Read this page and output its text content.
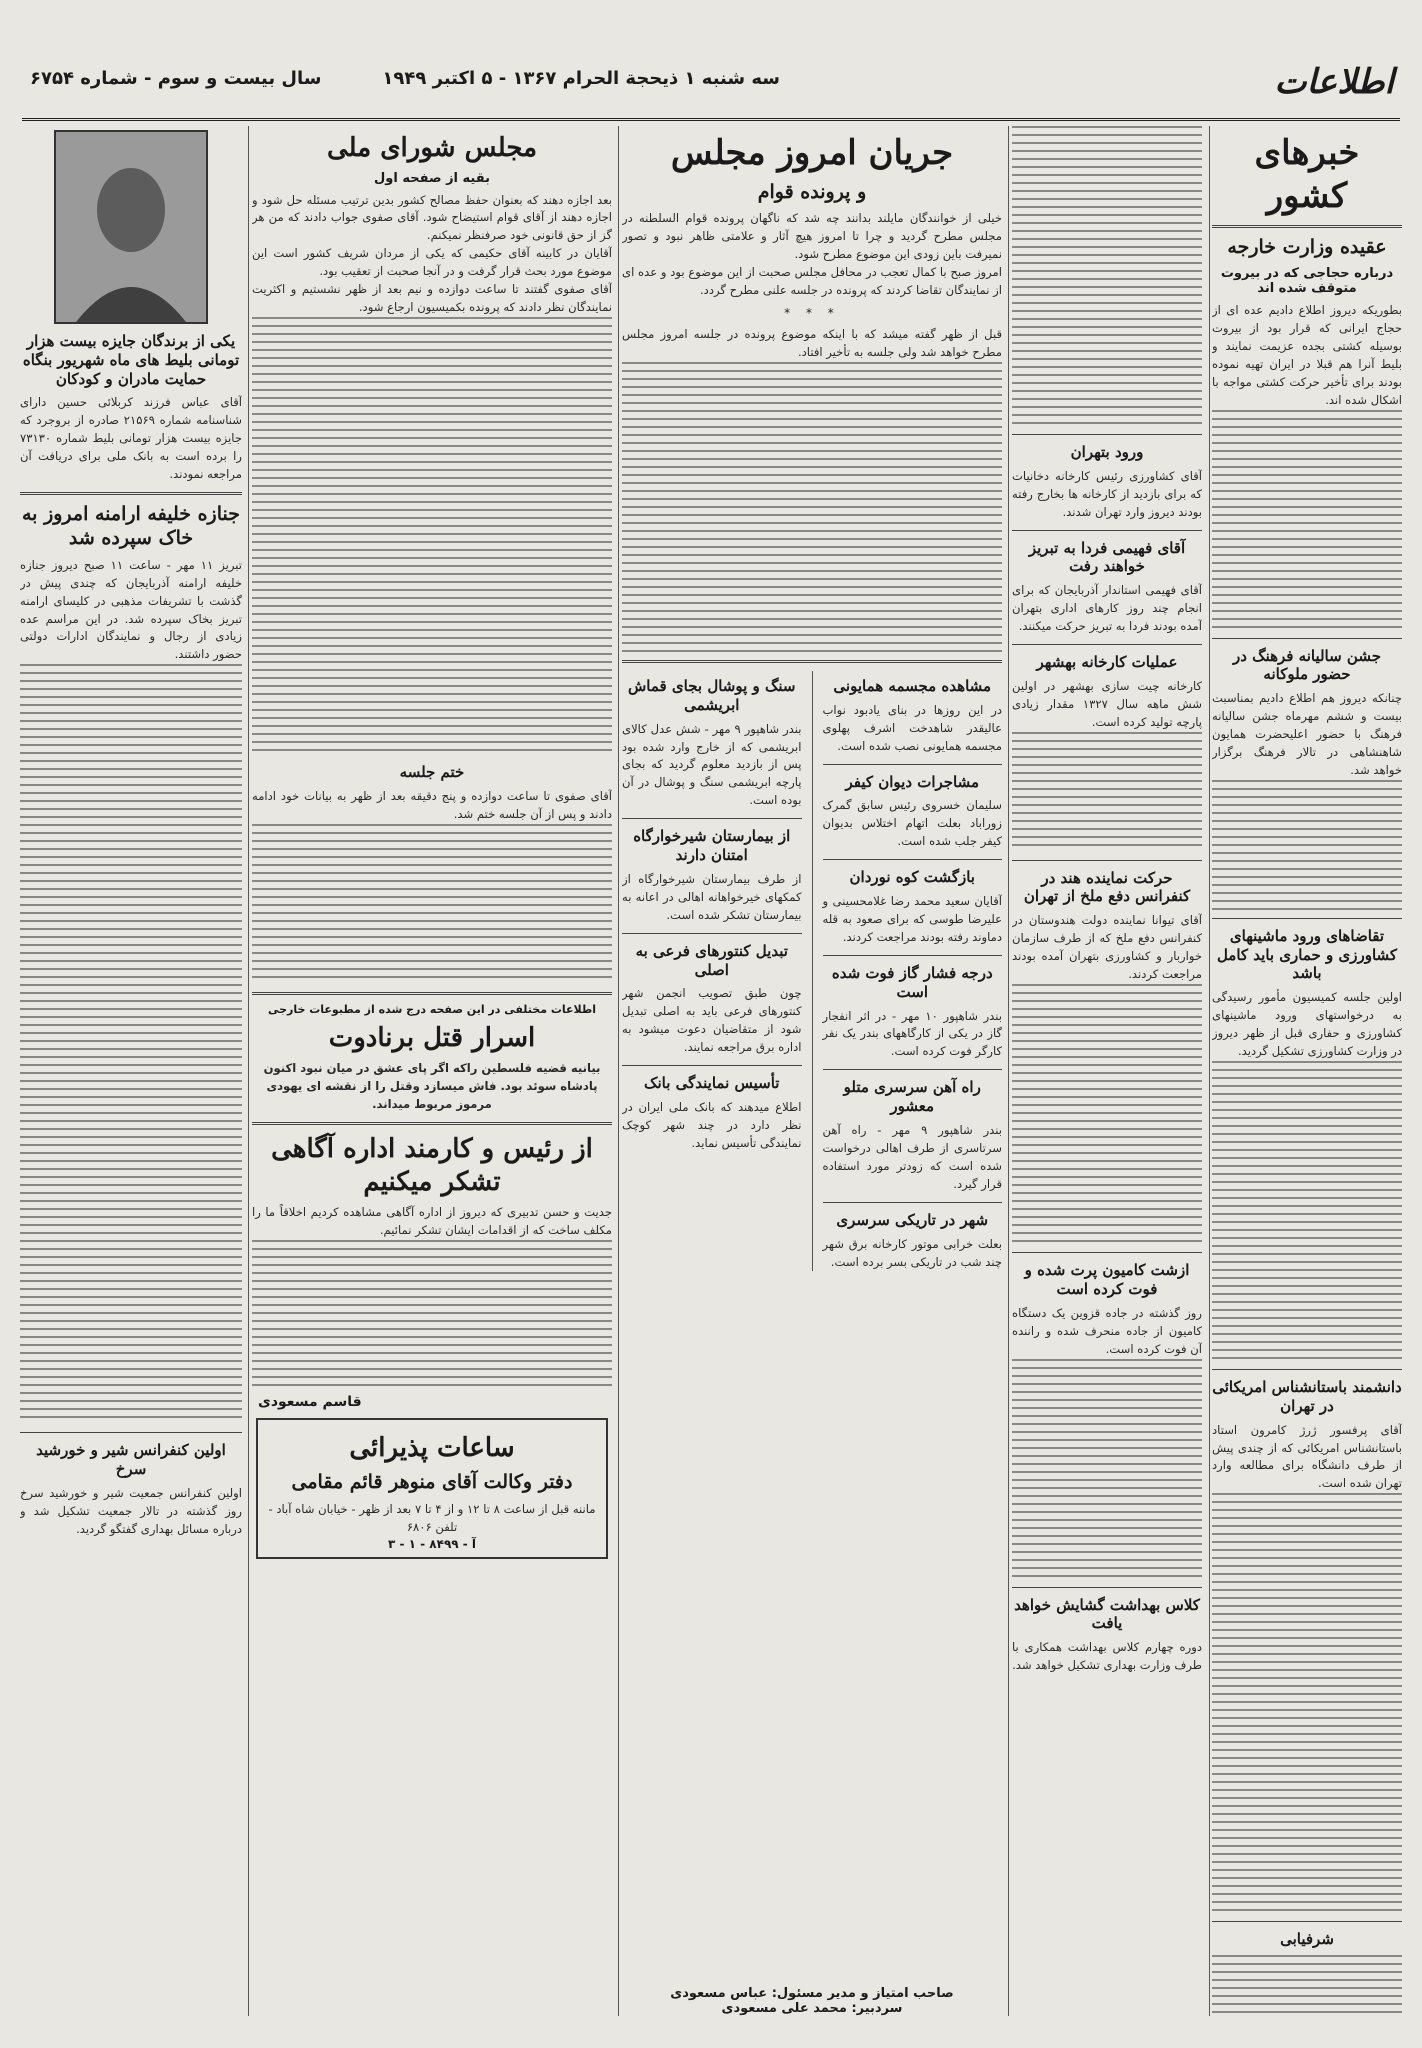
اطلاعات
سه شنبه ۱ ذیحجة الحرام ۱۳۶۷ - ۵ اکتبر ۱۹۴۹
سال بیست و سوم - شماره ۶۷۵۴
خبرهای کشور
عقیده وزارت خارجه
درباره حجاجی که در بیروت متوقف شده اند
بطوریکه دیروز اطلاع دادیم عده ای از حجاج ایرانی که قرار بود از بیروت بوسیله کشتی بجده عزیمت نمایند و بلیط آنرا هم قبلا در ایران تهیه نموده بودند برای تأخیر حرکت کشتی مواجه با اشکال شده اند.
جشن سالیانه فرهنگ در حضور ملوکانه
چنانکه دیروز هم اطلاع دادیم بمناسبت بیست و ششم مهرماه جشن سالیانه فرهنگ با حضور اعلیحضرت همایون شاهنشاهی در تالار فرهنگ برگزار خواهد شد.
تقاضاهای ورود ماشینهای کشاورزی و حماری باید کامل باشد
اولین جلسه کمیسیون مأمور رسیدگی به درخواستهای ورود ماشینهای کشاورزی و حفاری قبل از ظهر دیروز در وزارت کشاورزی تشکیل گردید.
دانشمند باستانشناس امریکائی در تهران
آقای پرفسور ژرژ کامرون استاد باستانشناس امریکائی که از چندی پیش از طرف دانشگاه برای مطالعه وارد تهران شده است.
شرفیابی
ورود بتهران
آقای کشاورزی رئیس کارخانه دخانیات که برای بازدید از کارخانه ها بخارج رفته بودند دیروز وارد تهران شدند.
آقای فهیمی فردا به تبریز خواهند رفت
آقای فهیمی استاندار آذربایجان که برای انجام چند روز کارهای اداری بتهران آمده بودند فردا به تبریز حرکت میکنند.
عملیات کارخانه بهشهر
کارخانه چیت سازی بهشهر در اولین شش ماهه سال ۱۳۲۷ مقدار زیادی پارچه تولید کرده است.
حرکت نماینده هند در کنفرانس دفع ملخ از تهران
آقای تیوانا نماینده دولت هندوستان در کنفرانس دفع ملخ که از طرف سازمان خواربار و کشاورزی بتهران آمده بودند مراجعت کردند.
ازشت کامیون پرت شده و فوت کرده است
روز گذشته در جاده قزوین یک دستگاه کامیون از جاده منحرف شده و راننده آن فوت کرده است.
کلاس بهداشت گشایش خواهد یافت
دوره چهارم کلاس بهداشت همکاری با طرف وزارت بهداری تشکیل خواهد شد.
جریان امروز مجلس
و پرونده قوام
خیلی از خوانندگان مایلند بدانند چه شد که ناگهان پرونده قوام السلطنه در مجلس مطرح گردید و چرا تا امروز هیچ آثار و علامتی ظاهر نبود و تصور نمیرفت باین زودی این موضوع مطرح شود.
امروز صبح با کمال تعجب در محافل مجلس صحبت از این موضوع بود و عده ای از نمایندگان تقاضا کردند که پرونده در جلسه علنی مطرح گردد.
* * *
قبل از ظهر گفته میشد که با اینکه موضوع پرونده در جلسه امروز مجلس مطرح خواهد شد ولی جلسه به تأخیر افتاد.
مشاهده مجسمه همایونی
در این روزها در بنای یادبود نواب عالیقدر شاهدخت اشرف پهلوی مجسمه همایونی نصب شده است.
مشاجرات دیوان کیفر
سلیمان خسروی رئیس سابق گمرک زوراباد بعلت اتهام اختلاس بدیوان کیفر جلب شده است.
بازگشت کوه نوردان
آقایان سعید محمد رضا غلامحسینی و علیرضا طوسی که برای صعود به قله دماوند رفته بودند مراجعت کردند.
درجه فشار گاز فوت شده است
بندر شاهپور ۱۰ مهر - در اثر انفجار گاز در یکی از کارگاههای بندر یک نفر کارگر فوت کرده است.
راه آهن سرسری متلو معشور
بندر شاهپور ۹ مهر - راه آهن سرتاسری از طرف اهالی درخواست شده است که زودتر مورد استفاده قرار گیرد.
شهر در تاریکی سرسری
بعلت خرابی موتور کارخانه برق شهر چند شب در تاریکی بسر برده است.
سنگ و پوشال بجای قماش ابریشمی
بندر شاهپور ۹ مهر - شش عدل کالای ابریشمی که از خارج وارد شده بود پس از بازدید معلوم گردید که بجای پارچه ابریشمی سنگ و پوشال در آن بوده است.
از بیمارستان شیرخوارگاه امتنان دارند
از طرف بیمارستان شیرخوارگاه از کمکهای خیرخواهانه اهالی در اعانه به بیمارستان تشکر شده است.
تبدیل کنتورهای فرعی به اصلی
چون طبق تصویب انجمن شهر کنتورهای فرعی باید به اصلی تبدیل شود از متقاضیان دعوت میشود به اداره برق مراجعه نمایند.
تأسیس نمایندگی بانک
اطلاع میدهند که بانک ملی ایران در نظر دارد در چند شهر کوچک نمایندگی تأسیس نماید.
مجلس شورای ملی
بقیه از صفحه اول
بعد اجازه دهند که بعنوان حفظ مصالح کشور بدین ترتیب مسئله حل شود و اجازه دهند از آقای قوام استیضاح شود. آقای صفوی جواب دادند که من هر گز از حق قانونی خود صرفنظر نمیکنم.
آقایان در کابینه آقای حکیمی که یکی از مردان شریف کشور است این موضوع مورد بحث قرار گرفت و در آنجا صحبت از تعقیب بود.
آقای صفوی گفتند تا ساعت دوازده و نیم بعد از ظهر نشستیم و اکثریت نمایندگان نظر دادند که پرونده بکمیسیون ارجاع شود.
ختم جلسه
آقای صفوی تا ساعت دوازده و پنج دقیقه بعد از ظهر به بیانات خود ادامه دادند و پس از آن جلسه ختم شد.
اطلاعات مختلفی در این صفحه درج شده از مطبوعات خارجی
اسرار قتل برنادوت
بیانیه قضیه فلسطین راکه اگر پای عشق در میان نبود اکنون پادشاه سوئد بود. فاش میسازد وقتل را از نقشه ای یهودی مرموز مربوط میداند.
از رئیس و کارمند اداره آگاهی تشکر میکنیم
جدیت و حسن تدبیری که دیروز از اداره آگاهی مشاهده کردیم اخلاقاً ما را مکلف ساخت که از اقدامات ایشان تشکر نمائیم.
قاسم مسعودی
ساعات پذیرائی
دفتر وکالت آقای منوهر قائم مقامی
ماننه قبل از ساعت ۸ تا ۱۲ و از ۴ تا ۷ بعد از ظهر - خیابان شاه آباد - تلفن ۶۸۰۶
آ - ۸۴۹۹ - ۱ - ۳
یکی از برندگان جایزه بیست هزار تومانی بلیط های ماه شهریور بنگاه حمایت مادران و کودکان
آقای عباس فرزند کربلائی حسین دارای شناسنامه شماره ۲۱۵۶۹ صادره از بروجرد که جایزه بیست هزار تومانی بلیط شماره ۷۳۱۳۰ را برده است به بانک ملی برای دریافت آن مراجعه نمودند.
جنازه خلیفه ارامنه امروز به خاک سپرده شد
تبریز ۱۱ مهر - ساعت ۱۱ صبح دیروز جنازه خلیفه ارامنه آذربایجان که چندی پیش در گذشت با تشریفات مذهبی در کلیسای ارامنه تبریز بخاک سپرده شد. در این مراسم عده زیادی از رجال و نمایندگان ادارات دولتی حضور داشتند.
اولین کنفرانس شیر و خورشید سرخ
اولین کنفرانس جمعیت شیر و خورشید سرخ روز گذشته در تالار جمعیت تشکیل شد و درباره مسائل بهداری گفتگو گردید.
صاحب امتیاز و مدیر مسئول: عباس مسعودی
سردبیر: محمد علی مسعودی
